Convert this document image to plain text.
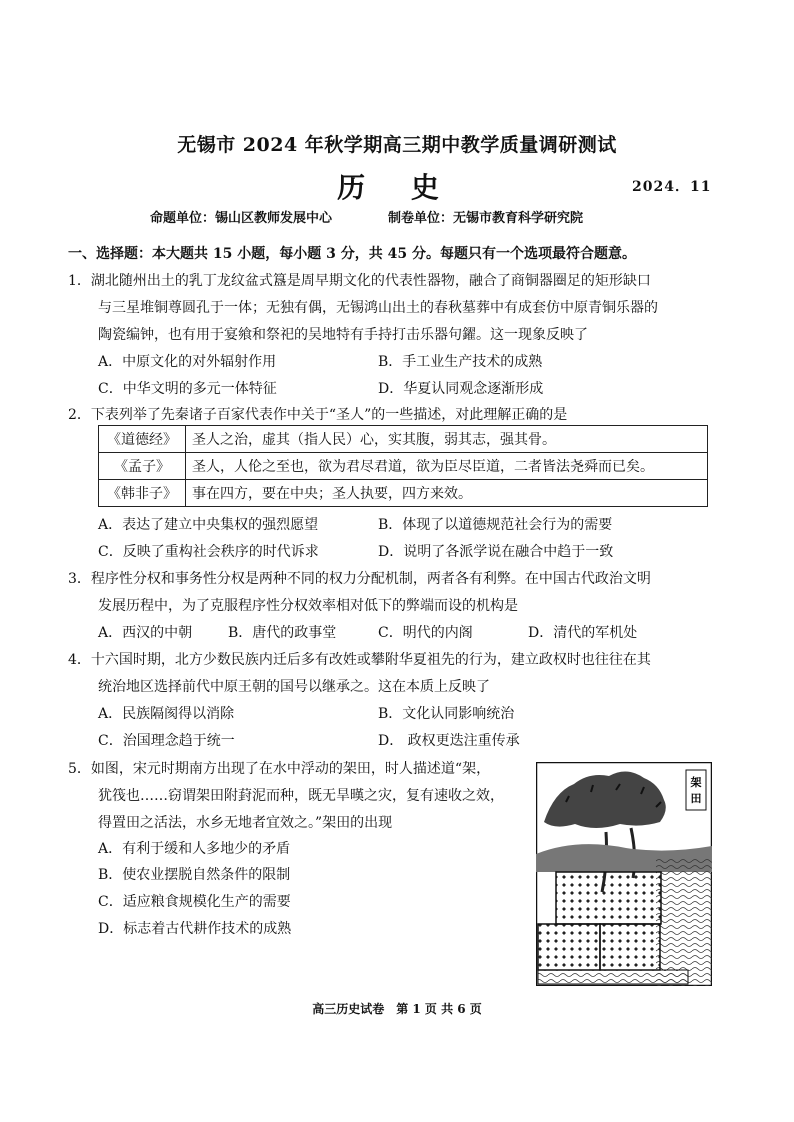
无锡市 2024 年秋学期高三期中教学质量调研测试
历 史	2024．11
命题单位：锡山区教师发展中心	制卷单位：无锡市教育科学研究院
一、选择题：本大题共 15 小题，每小题 3 分，共 45 分。每题只有一个选项最符合题意。
1．湖北随州出土的乳丁龙纹盆式簋是周早期文化的代表性器物，融合了商铜器圈足的矩形缺口
与三星堆铜尊圆孔于一体；无独有偶，无锡鸿山出土的春秋墓葬中有成套仿中原青铜乐器的
陶瓷编钟，也有用于宴飨和祭祀的吴地特有手持打击乐器句鑃。这一现象反映了
A．中原文化的对外辐射作用	B．手工业生产技术的成熟
C．中华文明的多元一体特征	D．华夏认同观念逐渐形成
2．下表列举了先秦诸子百家代表作中关于“圣人”的一些描述，对此理解正确的是
《道德经》	圣人之治，虚其（指人民）心，实其腹，弱其志，强其骨。
《孟子》	圣人，人伦之至也，欲为君尽君道，欲为臣尽臣道，二者皆法尧舜而已矣。
《韩非子》	事在四方，要在中央；圣人执要，四方来效。
A．表达了建立中央集权的强烈愿望	B．体现了以道德规范社会行为的需要
C．反映了重构社会秩序的时代诉求	D．说明了各派学说在融合中趋于一致
3．程序性分权和事务性分权是两种不同的权力分配机制，两者各有利弊。在中国古代政治文明
发展历程中，为了克服程序性分权效率相对低下的弊端而设的机构是
A．西汉的中朝	B．唐代的政事堂	C．明代的内阁	D．清代的军机处
4．十六国时期，北方少数民族内迁后多有改姓或攀附华夏祖先的行为，建立政权时也往往在其
统治地区选择前代中原王朝的国号以继承之。这在本质上反映了
A．民族隔阂得以消除	B．文化认同影响统治
C．治国理念趋于统一	D． 政权更迭注重传承
5．如图，宋元时期南方出现了在水中浮动的架田，时人描述道“架，
犹筏也……窃谓架田附葑泥而种，既无旱暵之灾，复有速收之效，
得置田之活法，水乡无地者宜效之。”架田的出现
A．有利于缓和人多地少的矛盾
B．使农业摆脱自然条件的限制
C．适应粮食规模化生产的需要
D．标志着古代耕作技术的成熟
架
田
高三历史试卷　第 1 页 共 6 页
